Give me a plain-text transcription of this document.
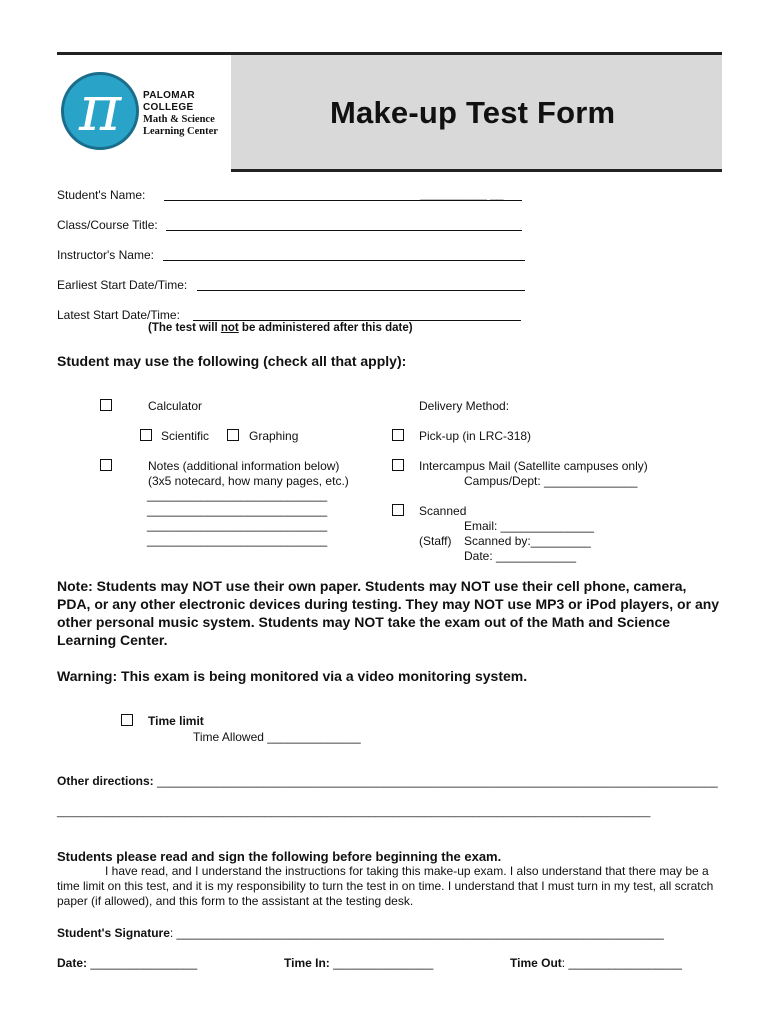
Make-up Test Form
π	PALOMAR
COLLEGE
Math & Science
Learning Center
Student's Name:	__________ __
Class/Course Title:
Instructor's Name:
Earliest Start Date/Time:
Latest Start Date/Time:
(The test will not be administered after this date)
Student may use the following (check all that apply):
Calculator
Scientific	Graphing
Notes (additional information below)
(3x5 notecard, how many pages, etc.)
___________________________
___________________________
___________________________
___________________________
Delivery Method:
Pick-up (in LRC-318)
Intercampus Mail (Satellite campuses only)
Campus/Dept: ______________
Scanned
Email: ______________
(Staff) Scanned by:_________
Date: ____________
Note: Students may NOT use their own paper. Students may NOT use their cell phone, camera, PDA, or any other electronic devices during testing. They may NOT use MP3 or iPod players, or any other personal music system. Students may NOT take the exam out of the Math and Science Learning Center.
Warning: This exam is being monitored via a video monitoring system.
Time limit
Time Allowed ______________
Other directions: ____________________________________________________________________________________
_________________________________________________________________________________________________
Students please read and sign the following before beginning the exam.
I have read, and I understand the instructions for taking this make-up exam. I also understand that there may be a time limit on this test, and it is my responsibility to turn the test in on time. I understand that I must turn in my test, all scratch paper (if allowed), and this form to the assistant at the testing desk.
Student's Signature: _________________________________________________________________________
Date: ________________	Time In: _______________	Time Out: _________________
